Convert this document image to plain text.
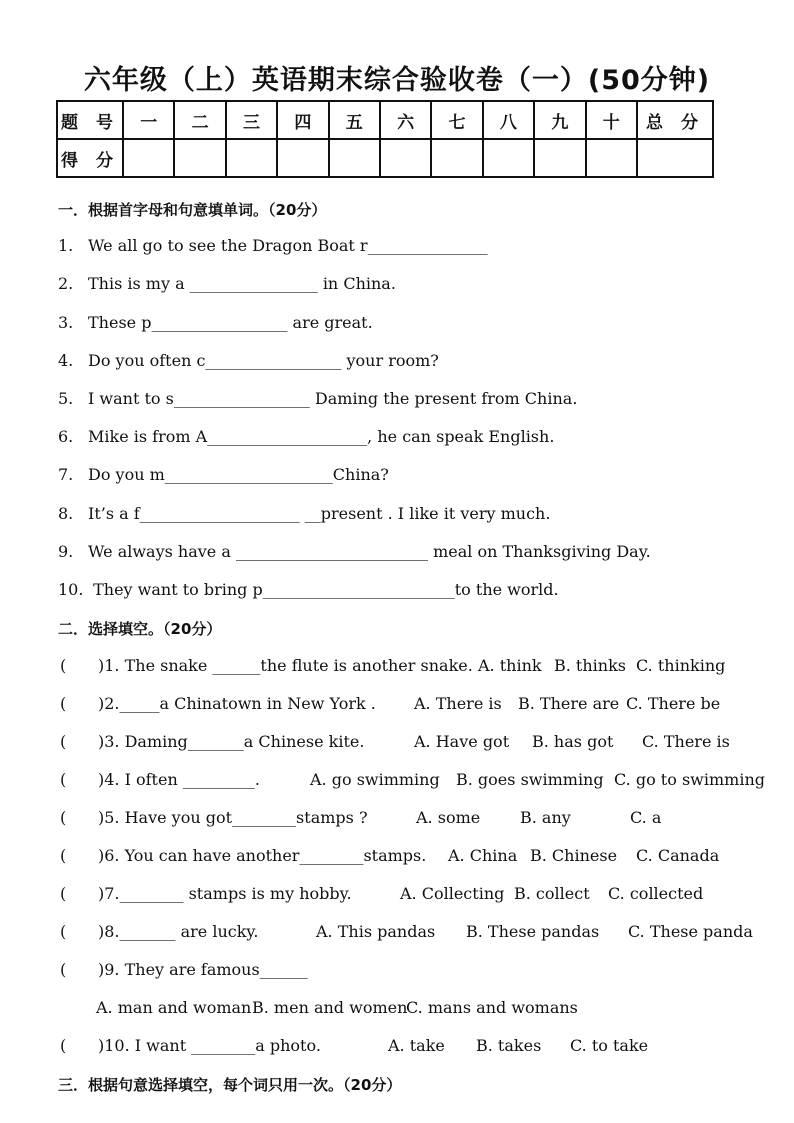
六年级（上）英语期末综合验收卷（一）(50分钟)
题 号	一	二	三	四	五	六	七	八	九	十	总 分
得 分											
一．根据首字母和句意填单词。（20分）
1. We all go to see the Dragon Boat r_______________
2. This is my a ________________ in China.
3. These p_________________ are great.
4. Do you often c_________________ your room?
5. I want to s_________________ Daming the present from China.
6. Mike is from A____________________, he can speak English.
7. Do you m_____________________China?
8. It’s a f____________________ __present . I like it very much.
9. We always have a ________________________ meal on Thanksgiving Day.
10. They want to bring p________________________to the world.
二．选择填空。（20分）
( )1. The snake ______the flute is another snake. A. think B. thinks C. thinking
( )2._____a Chinatown in New York . A. There is B. There are C. There be
( )3. Daming_______a Chinese kite.	A. Have got B. has got C. There is
( )4. I often _________.	A. go swimming B. goes swimming C. go to swimming
( )5. Have you got________stamps ?	A. some B. any	C. a
( )6. You can have another________stamps. A. China B. Chinese C. Canada
( )7.________ stamps is my hobby.	A. Collecting B. collect C. collected
( )8._______ are lucky.	A. This pandas B. These pandas C. These panda
( )9. They are famous______
A. man and woman B. men and women
C. mans and womans
( )10. I want ________a photo.	A. take B. takes C. to take
三．根据句意选择填空，每个词只用一次。（20分）
